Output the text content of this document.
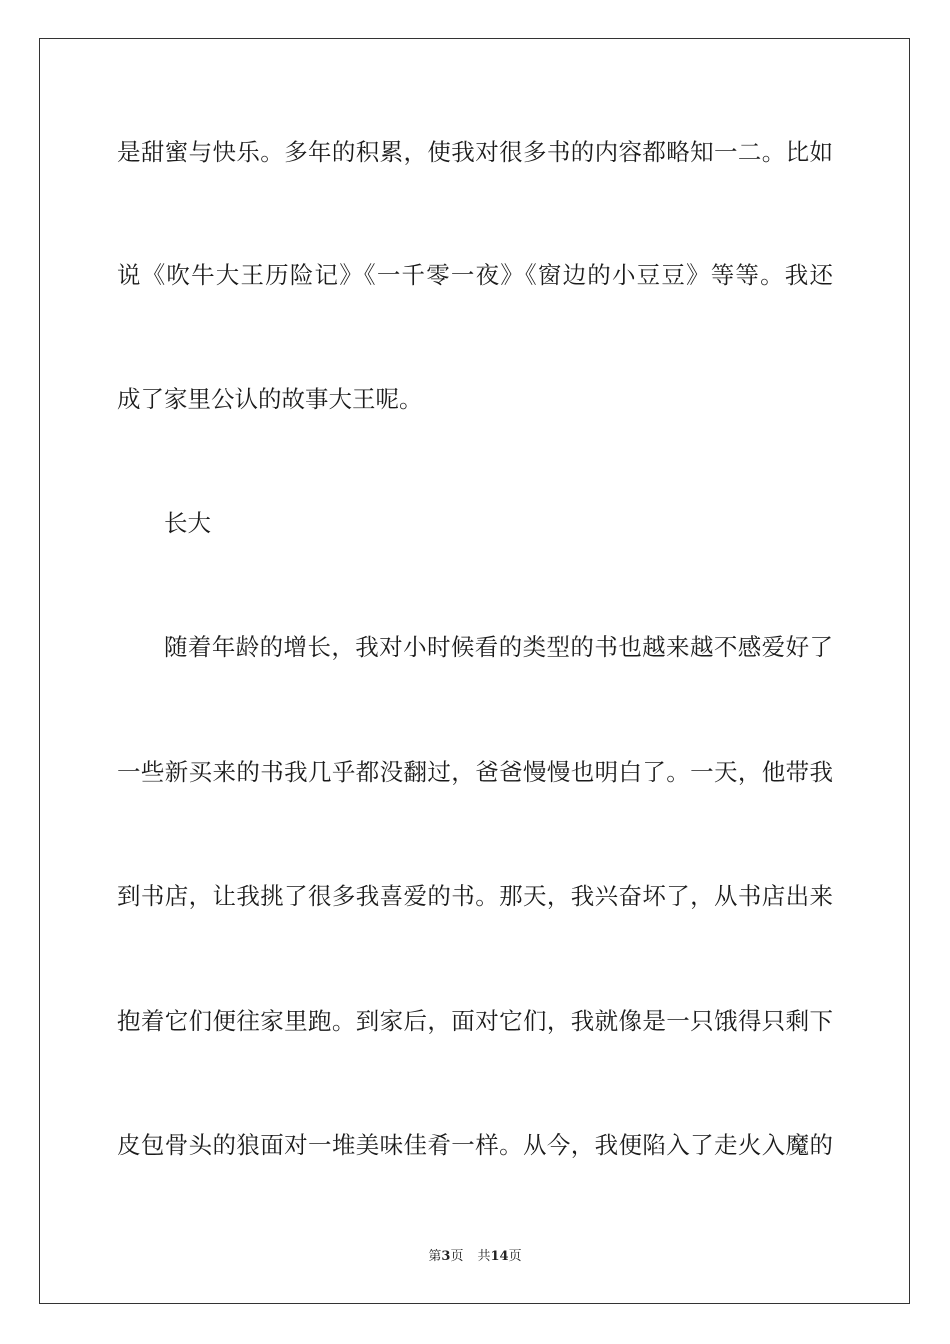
是甜蜜与快乐。多年的积累，使我对很多书的内容都略知一二。比如
说《吹牛大王历险记》《一千零一夜》《窗边的小豆豆》等等。我还
成了家里公认的故事大王呢。
长大
随着年龄的增长，我对小时候看的类型的书也越来越不感爱好了
一些新买来的书我几乎都没翻过，爸爸慢慢也明白了。一天，他带我
到书店，让我挑了很多我喜爱的书。那天，我兴奋坏了，从书店出来
抱着它们便往家里跑。到家后，面对它们，我就像是一只饿得只剩下
皮包骨头的狼面对一堆美味佳肴一样。从今，我便陷入了走火入魔的
第3页 共14页
